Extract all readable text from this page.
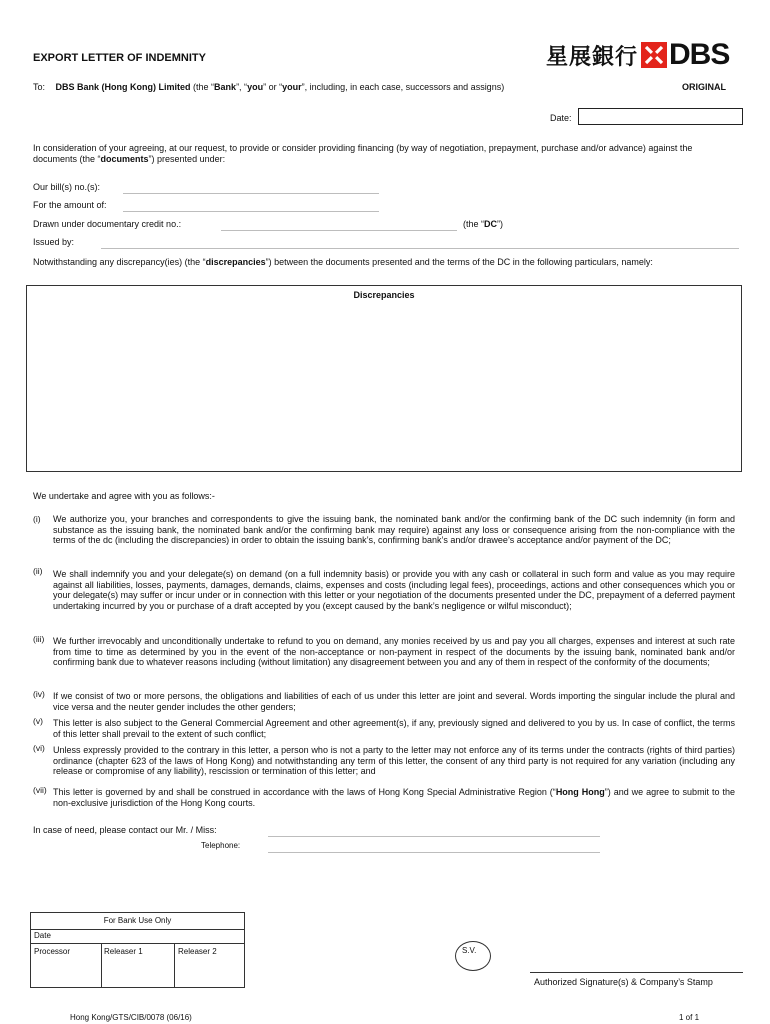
EXPORT LETTER OF INDEMNITY	星展銀行 DBS
To: DBS Bank (Hong Kong) Limited (the “Bank”, “you” or “your”, including, in each case, successors and assigns)	ORIGINAL
Date:
In consideration of your agreeing, at our request, to provide or consider providing financing (by way of negotiation, prepayment, purchase and/or advance) against the documents (the “documents”) presented under:
Our bill(s) no.(s):
For the amount of:
Drawn under documentary credit no.:	(the “DC”)
Issued by:
Notwithstanding any discrepancy(ies) (the “discrepancies”) between the documents presented and the terms of the DC in the following particulars, namely:
Discrepancies
We undertake and agree with you as follows:-
(i) We authorize you, your branches and correspondents to give the issuing bank, the nominated bank and/or the confirming bank of the DC such indemnity (in form and substance as the issuing bank, the nominated bank and/or the confirming bank may require) against any loss or consequence arising from the non-compliance with the terms of the dc (including the discrepancies) in order to obtain the issuing bank’s, confirming bank’s and/or drawee’s acceptance and/or payment of the DC;
(ii) We shall indemnify you and your delegate(s) on demand (on a full indemnity basis) or provide you with any cash or collateral in such form and value as you may require against all liabilities, losses, payments, damages, demands, claims, expenses and costs (including legal fees), proceedings, actions and other consequences which you or your delegate(s) may suffer or incur under or in connection with this letter or your negotiation of the documents presented under the DC, prepayment of a deferred payment undertaking incurred by you or purchase of a draft accepted by you (except caused by the bank’s negligence or wilful misconduct);
(iii) We further irrevocably and unconditionally undertake to refund to you on demand, any monies received by us and pay you all charges, expenses and interest at such rate from time to time as determined by you in the event of the non-acceptance or non-payment in respect of the documents by the issuing bank, nominated bank and/or confirming bank due to whatever reasons including (without limitation) any disagreement between you and any of them in respect of the conformity of the documents;
(iv) If we consist of two or more persons, the obligations and liabilities of each of us under this letter are joint and several. Words importing the singular include the plural and vice versa and the neuter gender includes the other genders;
(v) This letter is also subject to the General Commercial Agreement and other agreement(s), if any, previously signed and delivered to you by us. In case of conflict, the terms of this letter shall prevail to the extent of such conflict;
(vi) Unless expressly provided to the contrary in this letter, a person who is not a party to the letter may not enforce any of its terms under the contracts (rights of third parties) ordinance (chapter 623 of the laws of Hong Kong) and notwithstanding any term of this letter, the consent of any third party is not required for any variation (including any release or compromise of any liability), rescission or termination of this letter; and
(vii) This letter is governed by and shall be construed in accordance with the laws of Hong Kong Special Administrative Region (“Hong Hong”) and we agree to submit to the non-exclusive jurisdiction of the Hong Kong courts.
In case of need, please contact our Mr. / Miss:
Telephone:
For Bank Use Only
Date
Processor	Releaser 1	Releaser 2	S.V.
Authorized Signature(s) & Company’s Stamp
Hong Kong/GTS/CIB/0078 (06/16)	1 of 1
